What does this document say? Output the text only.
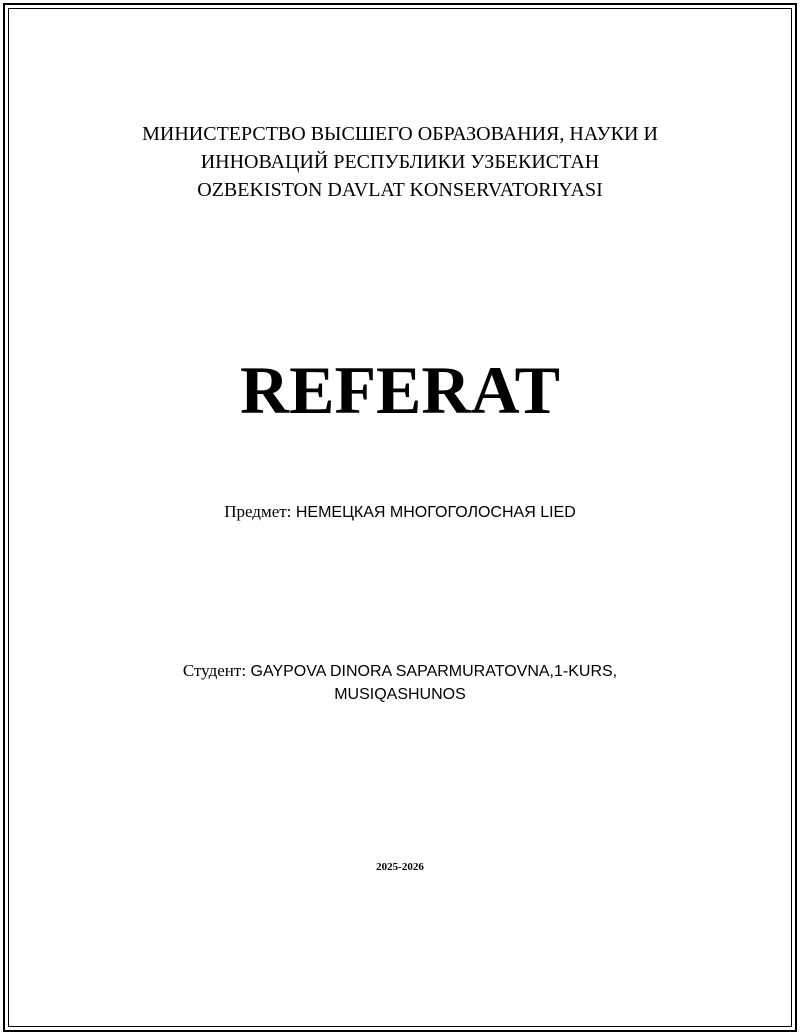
МИНИСТЕРСТВО ВЫСШЕГО ОБРАЗОВАНИЯ, НАУКИ И

ИННОВАЦИЙ РЕСПУБЛИКИ УЗБЕКИСТАН

OZBEKISTON DAVLAT KONSERVATORIYASI

REFERAT

Предмет: НЕМЕЦКАЯ МНОГОГОЛОСНАЯ LIED

Студент: GAYPOVA DINORA SAPARMURATOVNA,1-KURS,

MUSIQASHUNOS

2025-2026
